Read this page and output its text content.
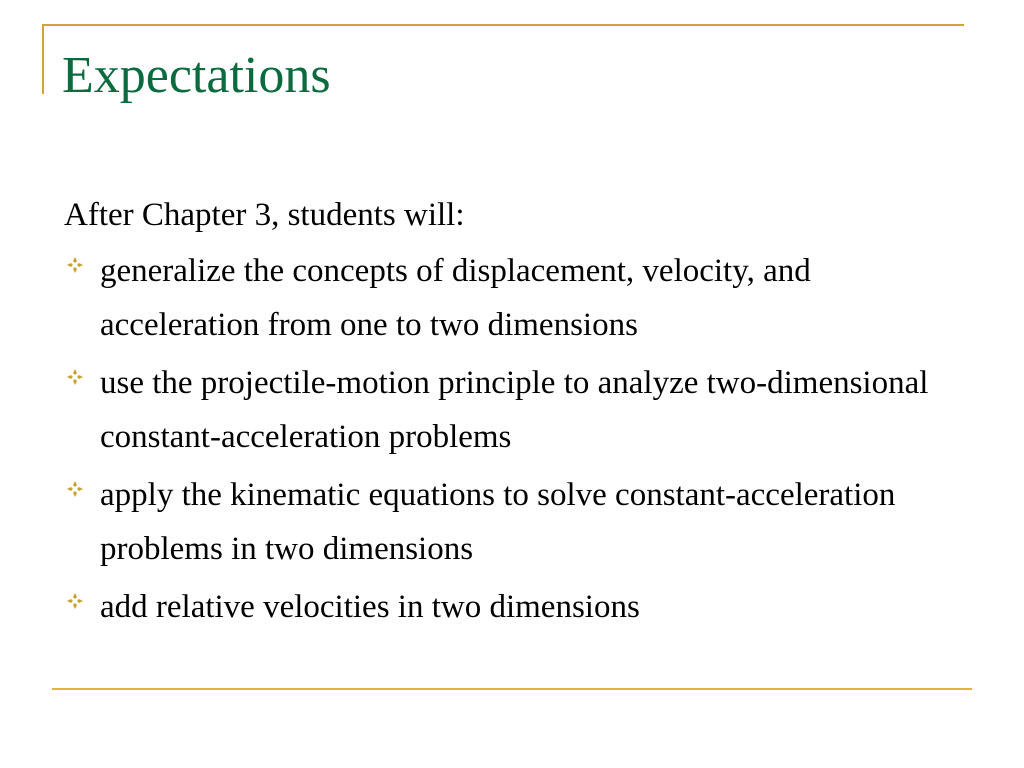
Expectations

After Chapter 3, students will:

generalize the concepts of displacement, velocity, and acceleration from one to two dimensions
use the projectile-motion principle to analyze two-dimensional constant-acceleration problems
apply the kinematic equations to solve constant-acceleration problems in two dimensions
add relative velocities in two dimensions
